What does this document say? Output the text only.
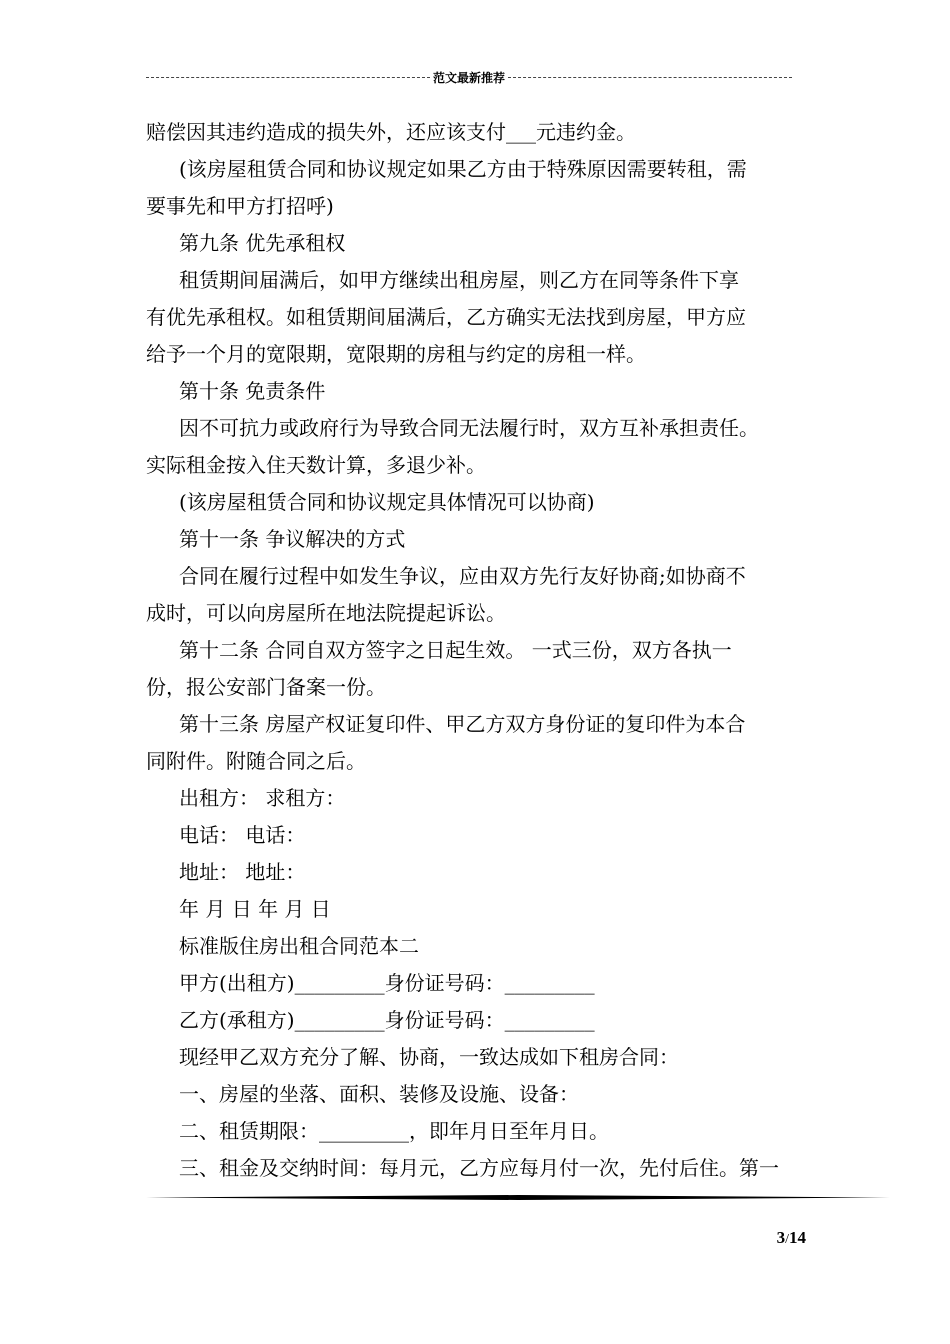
范文最新推荐
赔偿因其违约造成的损失外，还应该支付___元违约金。
(该房屋租赁合同和协议规定如果乙方由于特殊原因需要转租，需
要事先和甲方打招呼)
第九条 优先承租权
租赁期间届满后，如甲方继续出租房屋，则乙方在同等条件下享
有优先承租权。如租赁期间届满后，乙方确实无法找到房屋，甲方应
给予一个月的宽限期，宽限期的房租与约定的房租一样。
第十条 免责条件
因不可抗力或政府行为导致合同无法履行时，双方互补承担责任。
实际租金按入住天数计算，多退少补。
(该房屋租赁合同和协议规定具体情况可以协商)
第十一条 争议解决的方式
合同在履行过程中如发生争议，应由双方先行友好协商;如协商不
成时，可以向房屋所在地法院提起诉讼。
第十二条 合同自双方签字之日起生效。 一式三份，双方各执一
份，报公安部门备案一份。
第十三条 房屋产权证复印件、甲乙方双方身份证的复印件为本合
同附件。附随合同之后。
出租方： 求租方：
电话： 电话：
地址： 地址：
年 月 日 年 月 日
标准版住房出租合同范本二
甲方(出租方)_________身份证号码：_________
乙方(承租方)_________身份证号码：_________
现经甲乙双方充分了解、协商，一致达成如下租房合同：
一、房屋的坐落、面积、装修及设施、设备：
二、租赁期限：_________，即年月日至年月日。
三、租金及交纳时间：每月元，乙方应每月付一次，先付后住。第一
3/14
